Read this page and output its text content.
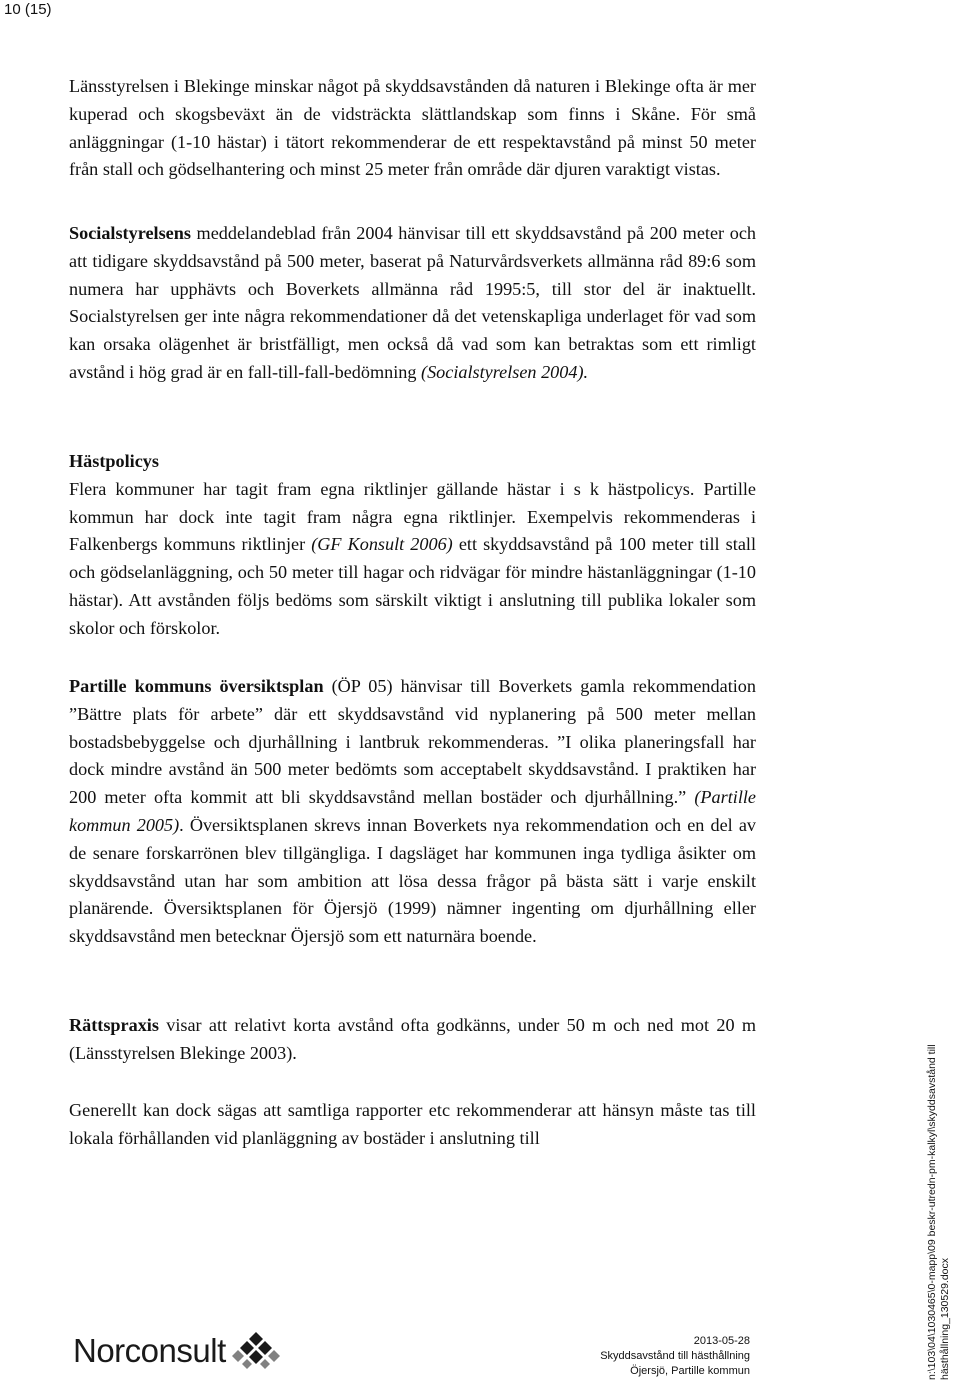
10 (15)

Länsstyrelsen i Blekinge minskar något på skyddsavstånden då naturen i Blekinge ofta är mer kuperad och skogsbeväxt än de vidsträckta slättlandskap som finns i Skåne. För små anläggningar (1-10 hästar) i tätort rekommenderar de ett respektavstånd på minst 50 meter från stall och gödselhantering och minst 25 meter från område där djuren varaktigt vistas.

Socialstyrelsens meddelandeblad från 2004 hänvisar till ett skyddsavstånd på 200 meter och att tidigare skyddsavstånd på 500 meter, baserat på Naturvårdsverkets allmänna råd 89:6 som numera har upphävts och Boverkets allmänna råd 1995:5, till stor del är inaktuellt. Socialstyrelsen ger inte några rekommendationer då det vetenskapliga underlaget för vad som kan orsaka olägenhet är bristfälligt, men också då vad som kan betraktas som ett rimligt avstånd i hög grad är en fall-till-fall-bedömning (Socialstyrelsen 2004).

Hästpolicys

Flera kommuner har tagit fram egna riktlinjer gällande hästar i s k hästpolicys. Partille kommun har dock inte tagit fram några egna riktlinjer. Exempelvis rekommenderas i Falkenbergs kommuns riktlinjer (GF Konsult 2006) ett skyddsavstånd på 100 meter till stall och gödselanläggning, och 50 meter till hagar och ridvägar för mindre hästanläggningar (1-10 hästar). Att avstånden följs bedöms som särskilt viktigt i anslutning till publika lokaler som skolor och förskolor.

Partille kommuns översiktsplan (ÖP 05) hänvisar till Boverkets gamla rekommendation ”Bättre plats för arbete” där ett skyddsavstånd vid nyplanering på 500 meter mellan bostadsbebyggelse och djurhållning i lantbruk rekommenderas. ”I olika planeringsfall har dock mindre avstånd än 500 meter bedömts som acceptabelt skyddsavstånd. I praktiken har 200 meter ofta kommit att bli skyddsavstånd mellan bostäder och djurhållning.” (Partille kommun 2005). Översiktsplanen skrevs innan Boverkets nya rekommendation och en del av de senare forskarrönen blev tillgängliga. I dagsläget har kommunen inga tydliga åsikter om skyddsavstånd utan har som ambition att lösa dessa frågor på bästa sätt i varje enskilt planärende. Översiktsplanen för Öjersjö (1999) nämner ingenting om djurhållning eller skyddsavstånd men betecknar Öjersjö som ett naturnära boende.

Rättspraxis visar att relativt korta avstånd ofta godkänns, under 50 m och ned mot 20 m (Länsstyrelsen Blekinge 2003).

Generellt kan dock sägas att samtliga rapporter etc rekommenderar att hänsyn måste tas till lokala förhållanden vid planläggning av bostäder i anslutning till	n:\103\04\1030465\0-mapp\09 beskr-utredn-pm-kalkyl\skyddsavstånd till
hästhållning_130529.docx
Norconsult	2013-05-28
Skyddsavstånd till hästhållning
Öjersjö, Partille kommun
